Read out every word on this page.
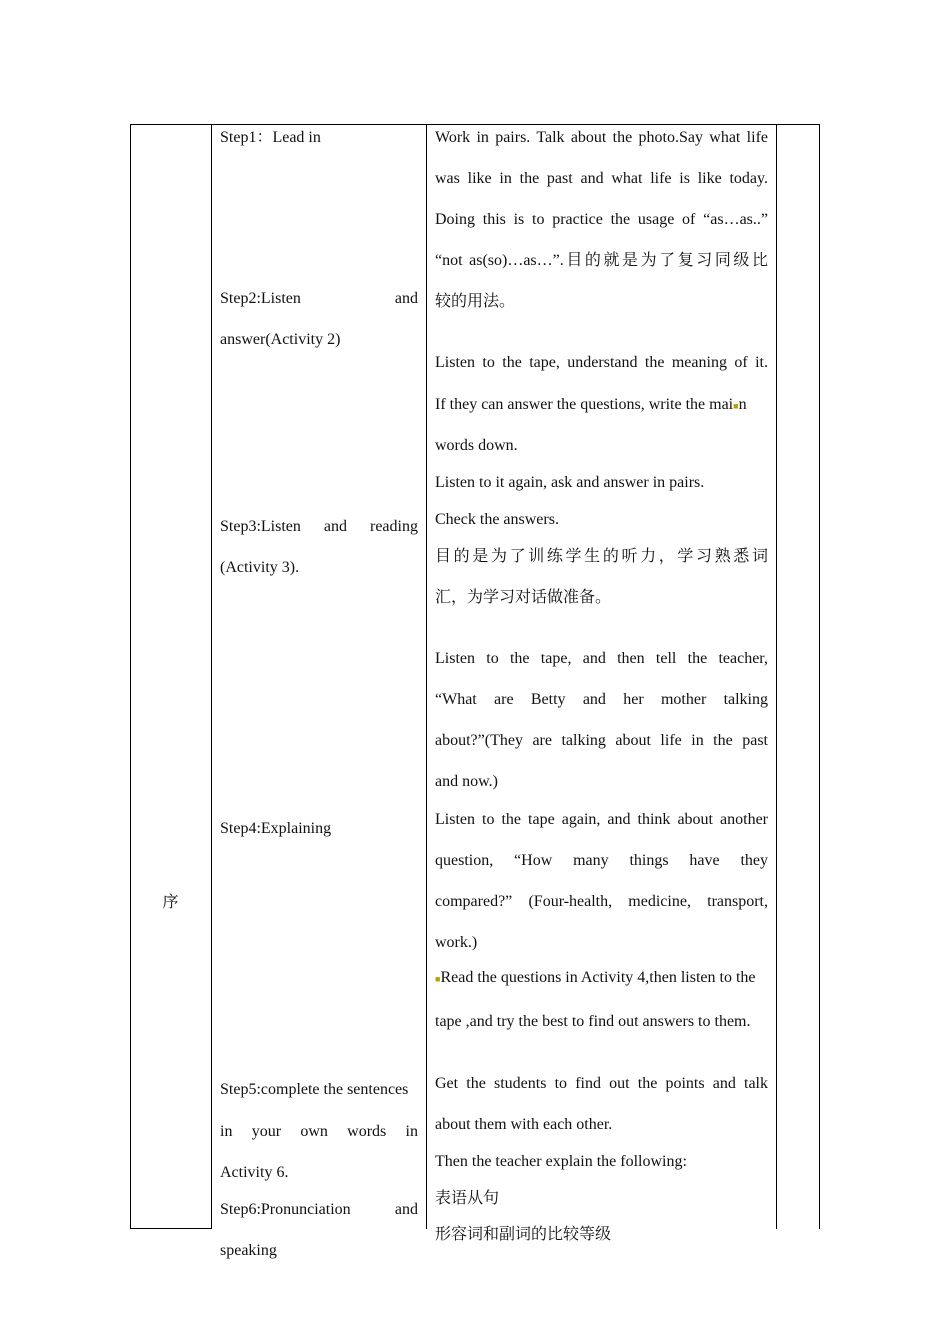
序
Step1：Lead in
Step2:Listen	and
answer(Activity 2)
Step3:Listen and reading
(Activity 3).
Step4:Explaining
Step5:complete the sentences
in your own words in
Activity 6.
Step6:Pronunciation	and
speaking
Work in pairs. Talk about the photo.Say what life
was like in the past and what life is like today.
Doing this is to practice the usage of “as…as..”
“not as(so)…as…”.目的就是为了复习同级比
较的用法。
Listen to the tape, understand the meaning of it.
If they can answer the questions, write the mai■n
words down.
Listen to it again, ask and answer in pairs.
Check the answers.
目的是为了训练学生的听力，学习熟悉词
汇，为学习对话做准备。
Listen to the tape, and then tell the teacher,
“What are Betty and her mother talking
about?”(They are talking about life in the past
and now.)
Listen to the tape again, and think about another
question, “How many things have they
compared?” (Four-health, medicine, transport,
work.)
■Read the questions in Activity 4,then listen to the
tape ,and try the best to find out answers to them.
Get the students to find out the points and talk
about them with each other.
Then the teacher explain the following:
表语从句
形容词和副词的比较等级
